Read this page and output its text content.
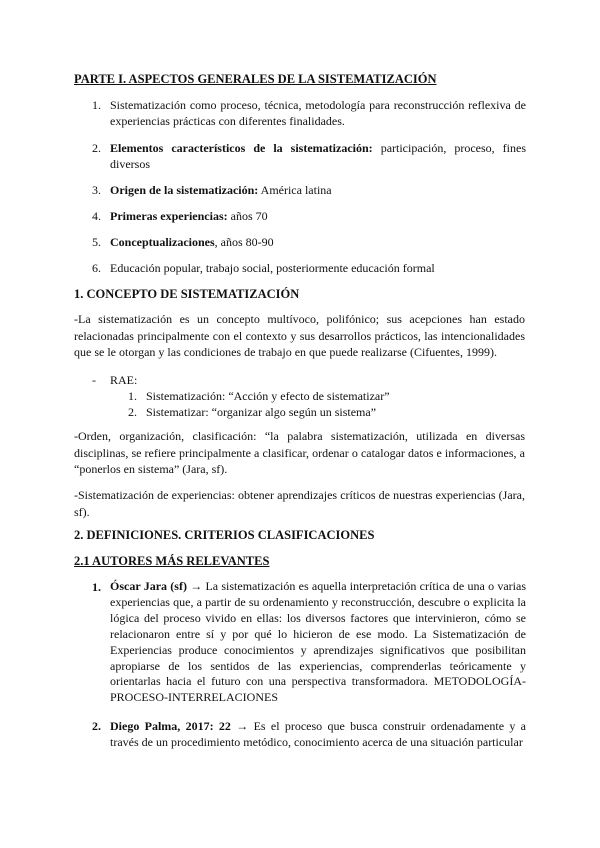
PARTE I. ASPECTOS GENERALES DE LA SISTEMATIZACIÓN
1. Sistematización como proceso, técnica, metodología para reconstrucción reflexiva de experiencias prácticas con diferentes finalidades.
2. Elementos característicos de la sistematización: participación, proceso, fines diversos
3. Origen de la sistematización: América latina
4. Primeras experiencias: años 70
5. Conceptualizaciones, años 80-90
6. Educación popular, trabajo social, posteriormente educación formal
1. CONCEPTO DE SISTEMATIZACIÓN
-La sistematización es un concepto multívoco, polifónico; sus acepciones han estado relacionadas principalmente con el contexto y sus desarrollos prácticos, las intencionalidades que se le otorgan y las condiciones de trabajo en que puede realizarse (Cifuentes, 1999).
- RAE:
1. Sistematización: “Acción y efecto de sistematizar”
2. Sistematizar: “organizar algo según un sistema”
-Orden, organización, clasificación: “la palabra sistematización, utilizada en diversas disciplinas, se refiere principalmente a clasificar, ordenar o catalogar datos e informaciones, a “ponerlos en sistema” (Jara, sf).
-Sistematización de experiencias: obtener aprendizajes críticos de nuestras experiencias (Jara, sf).
2. DEFINICIONES. CRITERIOS CLASIFICACIONES
2.1 AUTORES MÁS RELEVANTES
1. Óscar Jara (sf) → La sistematización es aquella interpretación crítica de una o varias experiencias que, a partir de su ordenamiento y reconstrucción, descubre o explicita la lógica del proceso vivido en ellas: los diversos factores que intervinieron, cómo se relacionaron entre sí y por qué lo hicieron de ese modo. La Sistematización de Experiencias produce conocimientos y aprendizajes significativos que posibilitan apropiarse de los sentidos de las experiencias, comprenderlas teóricamente y orientarlas hacia el futuro con una perspectiva transformadora. METODOLOGÍA-PROCESO-INTERRELACIONES
2. Diego Palma, 2017: 22 → Es el proceso que busca construir ordenadamente y a través de un procedimiento metódico, conocimiento acerca de una situación particular
